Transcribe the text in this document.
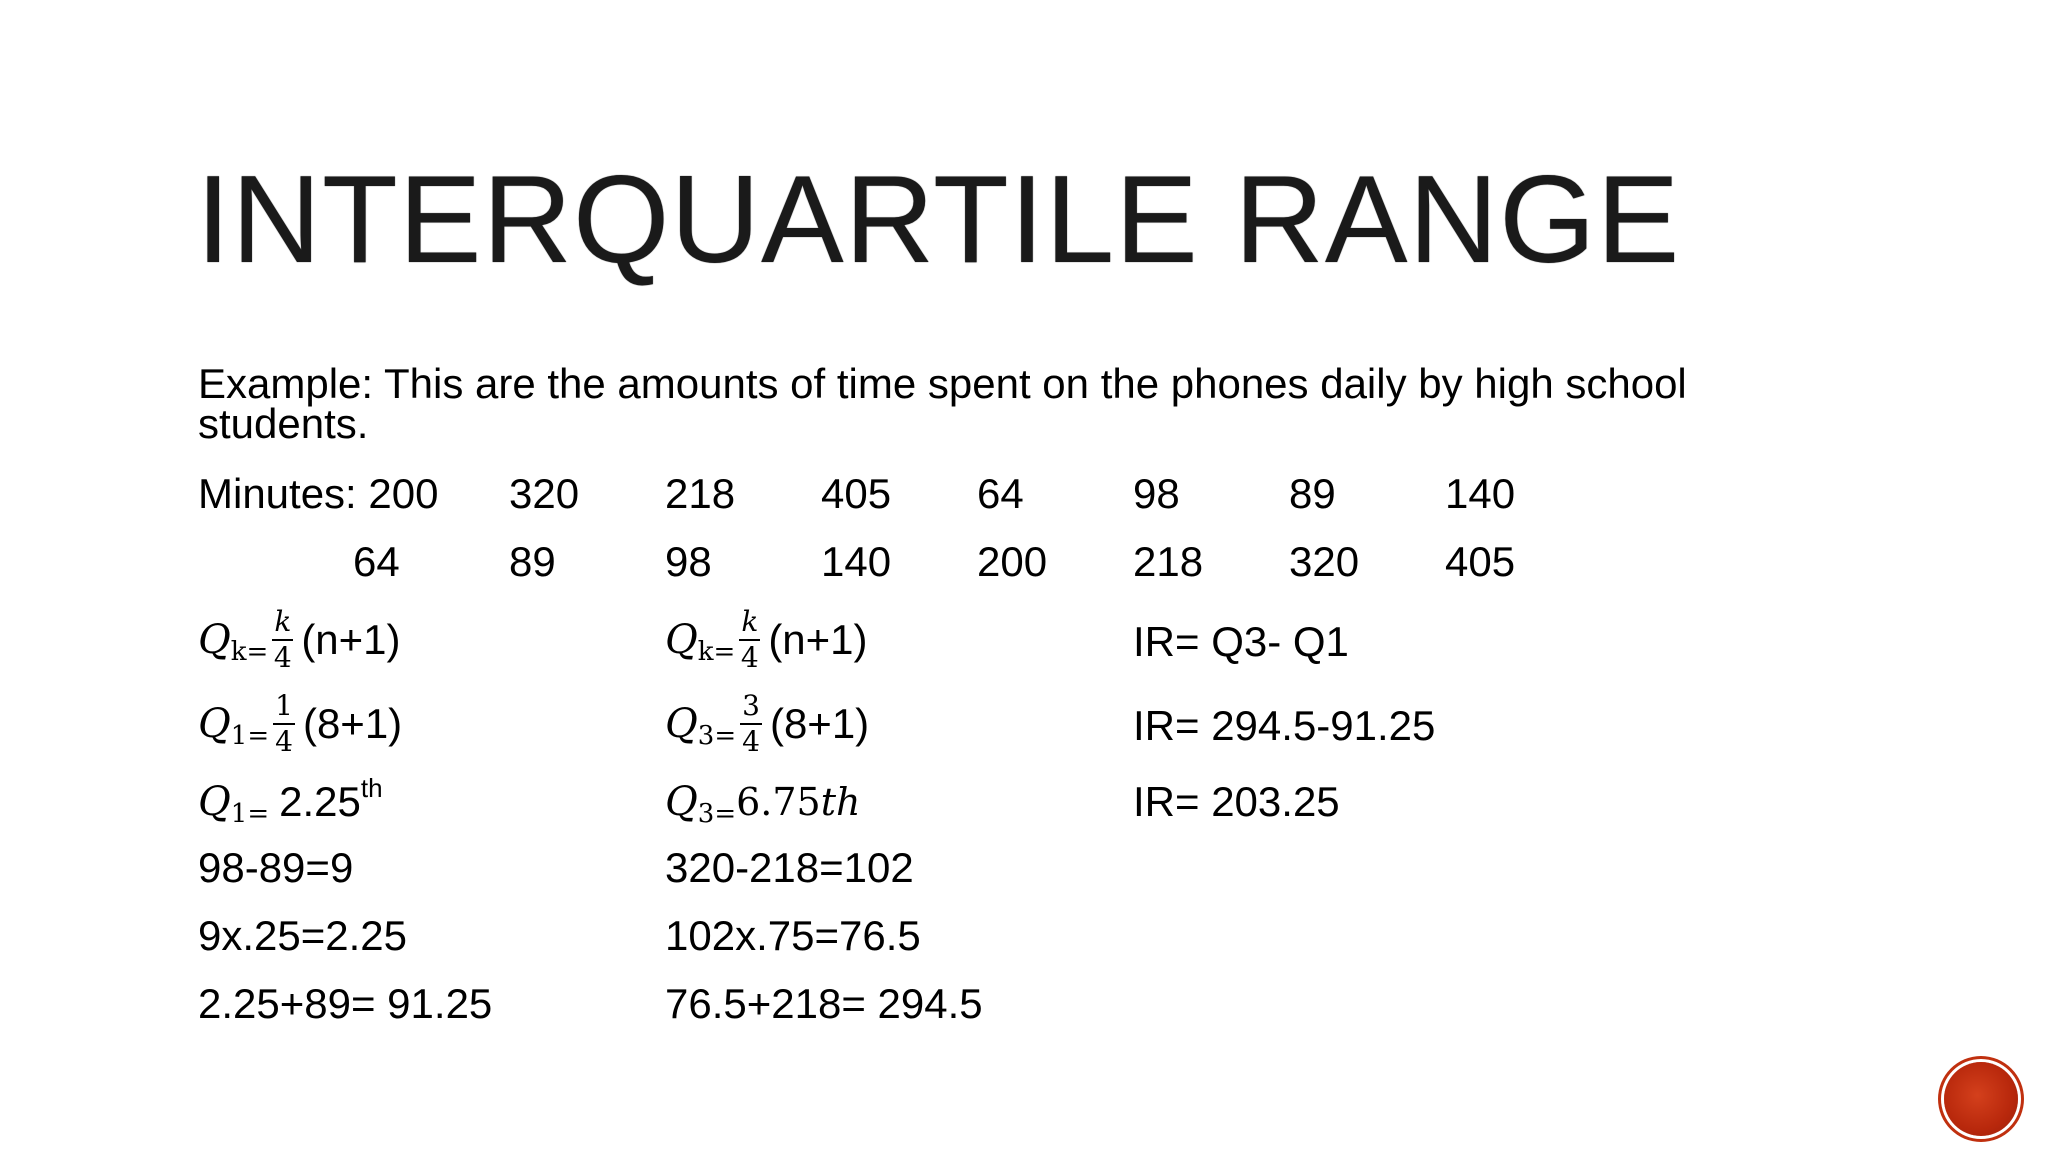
INTERQUARTILE RANGE
Example: This are the amounts of time spent on the phones daily by high school students.
Minutes: 200 320 218 405 64	98	89	140
64	89	98	140 200 218 320 405
Q $k= \frac{k}{4} (n+1)$
Q $1= \frac{1}{4} (8+1)$
Q 1= 2.25 th
98-89=9
9x.25=2.25
2.25+89= 91.25
Q $k= \frac{k}{4} (n+1)$
Q $3= \frac{3}{4} (8+1)$
Q 3= 6.75 th
320-218=102
102x.75=76.5
76.5+218= 294.5
IR= Q3- Q1
IR= 294.5-91.25
IR= 203.25
